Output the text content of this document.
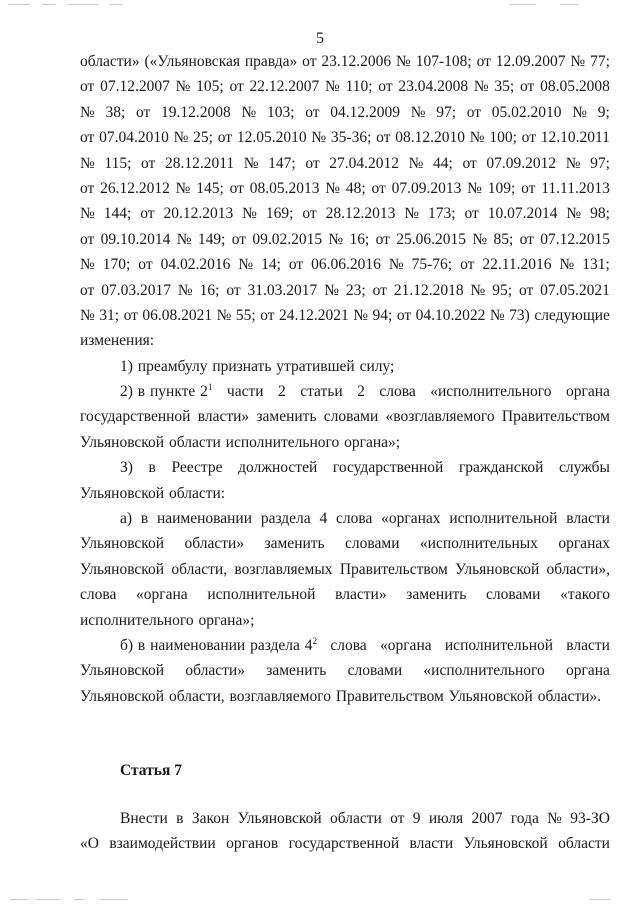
5
области» («Ульяновская правда» от 23.12.2006 № 107-108; от 12.09.2007 № 77;
от 07.12.2007 № 105; от 22.12.2007 № 110; от 23.04.2008 № 35; от 08.05.2008
№ 38; от 19.12.2008 № 103; от 04.12.2009 № 97; от 05.02.2010 № 9;
от 07.04.2010 № 25; от 12.05.2010 № 35-36; от 08.12.2010 № 100; от 12.10.2011
№ 115; от 28.12.2011 № 147; от 27.04.2012 № 44; от 07.09.2012 № 97;
от 26.12.2012 № 145; от 08.05.2013 № 48; от 07.09.2013 № 109; от 11.11.2013
№ 144; от 20.12.2013 № 169; от 28.12.2013 № 173; от 10.07.2014 № 98;
от 09.10.2014 № 149; от 09.02.2015 № 16; от 25.06.2015 № 85; от 07.12.2015
№ 170; от 04.02.2016 № 14; от 06.06.2016 № 75-76; от 22.11.2016 № 131;
от 07.03.2017 № 16; от 31.03.2017 № 23; от 21.12.2018 № 95; от 07.05.2021
№ 31; от 06.08.2021 № 55; от 24.12.2021 № 94; от 04.10.2022 № 73) следующие
изменения:
1) преамбулу признать утратившей силу;
2) в пункте $2^1$ части 2 статьи 2 слова «исполнительного органа
государственной власти» заменить словами «возглавляемого Правительством
Ульяновской области исполнительного органа»;
3) в Реестре должностей государственной гражданской службы
Ульяновской области:
а) в наименовании раздела 4 слова «органах исполнительной власти
Ульяновской области» заменить словами «исполнительных органах
Ульяновской области, возглавляемых Правительством Ульяновской области»,
слова «органа исполнительной власти» заменить словами «такого
исполнительного органа»;
б) в наименовании раздела $4^2$ слова «органа исполнительной власти
Ульяновской области» заменить словами «исполнительного органа
Ульяновской области, возглавляемого Правительством Ульяновской области».
Статья 7
Внести в Закон Ульяновской области от 9 июля 2007 года № 93-ЗО
«О взаимодействии органов государственной власти Ульяновской области
